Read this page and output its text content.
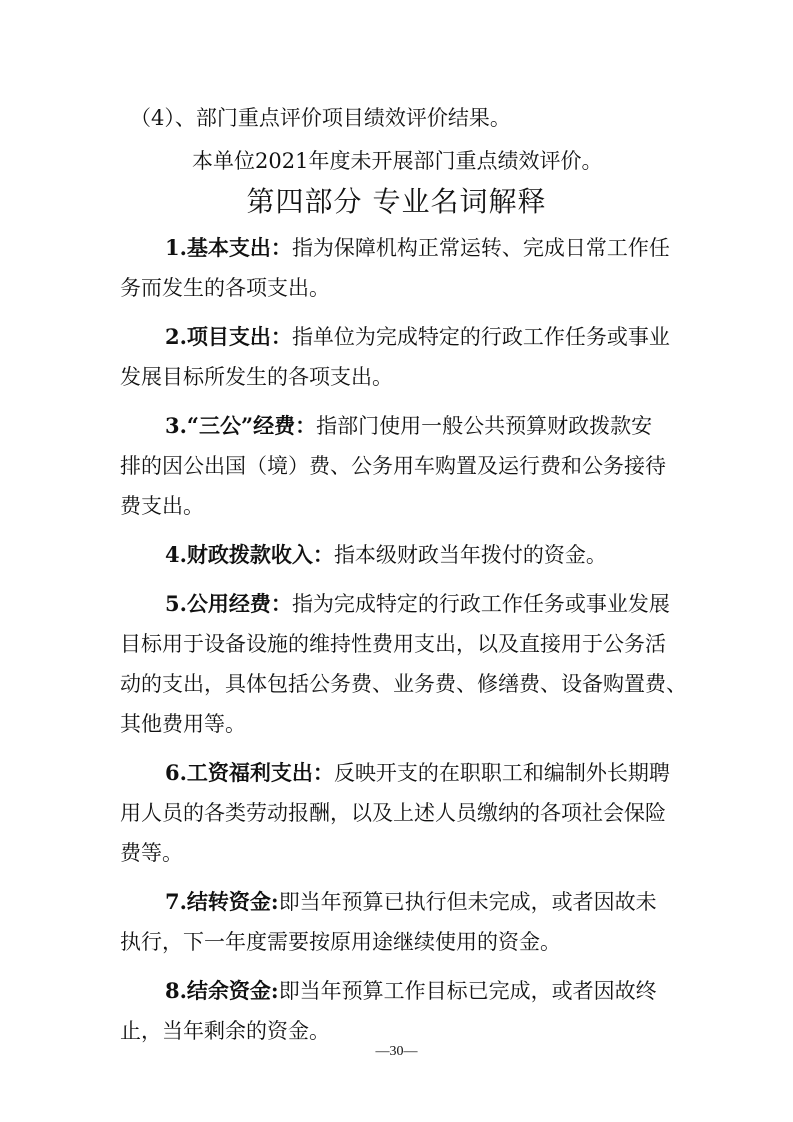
（4）、部门重点评价项目绩效评价结果。
本单位2021年度未开展部门重点绩效评价。
第四部分 专业名词解释
1.基本支出：指为保障机构正常运转、完成日常工作任
务而发生的各项支出。
2.项目支出：指单位为完成特定的行政工作任务或事业
发展目标所发生的各项支出。
3.“三公”经费：指部门使用一般公共预算财政拨款安
排的因公出国（境）费、公务用车购置及运行费和公务接待
费支出。
4.财政拨款收入：指本级财政当年拨付的资金。
5.公用经费：指为完成特定的行政工作任务或事业发展
目标用于设备设施的维持性费用支出，以及直接用于公务活
动的支出，具体包括公务费、业务费、修缮费、设备购置费、
其他费用等。
6.工资福利支出：反映开支的在职职工和编制外长期聘
用人员的各类劳动报酬，以及上述人员缴纳的各项社会保险
费等。
7.结转资金:即当年预算已执行但未完成，或者因故未
执行，下一年度需要按原用途继续使用的资金。
8.结余资金:即当年预算工作目标已完成，或者因故终
止，当年剩余的资金。
—30—
